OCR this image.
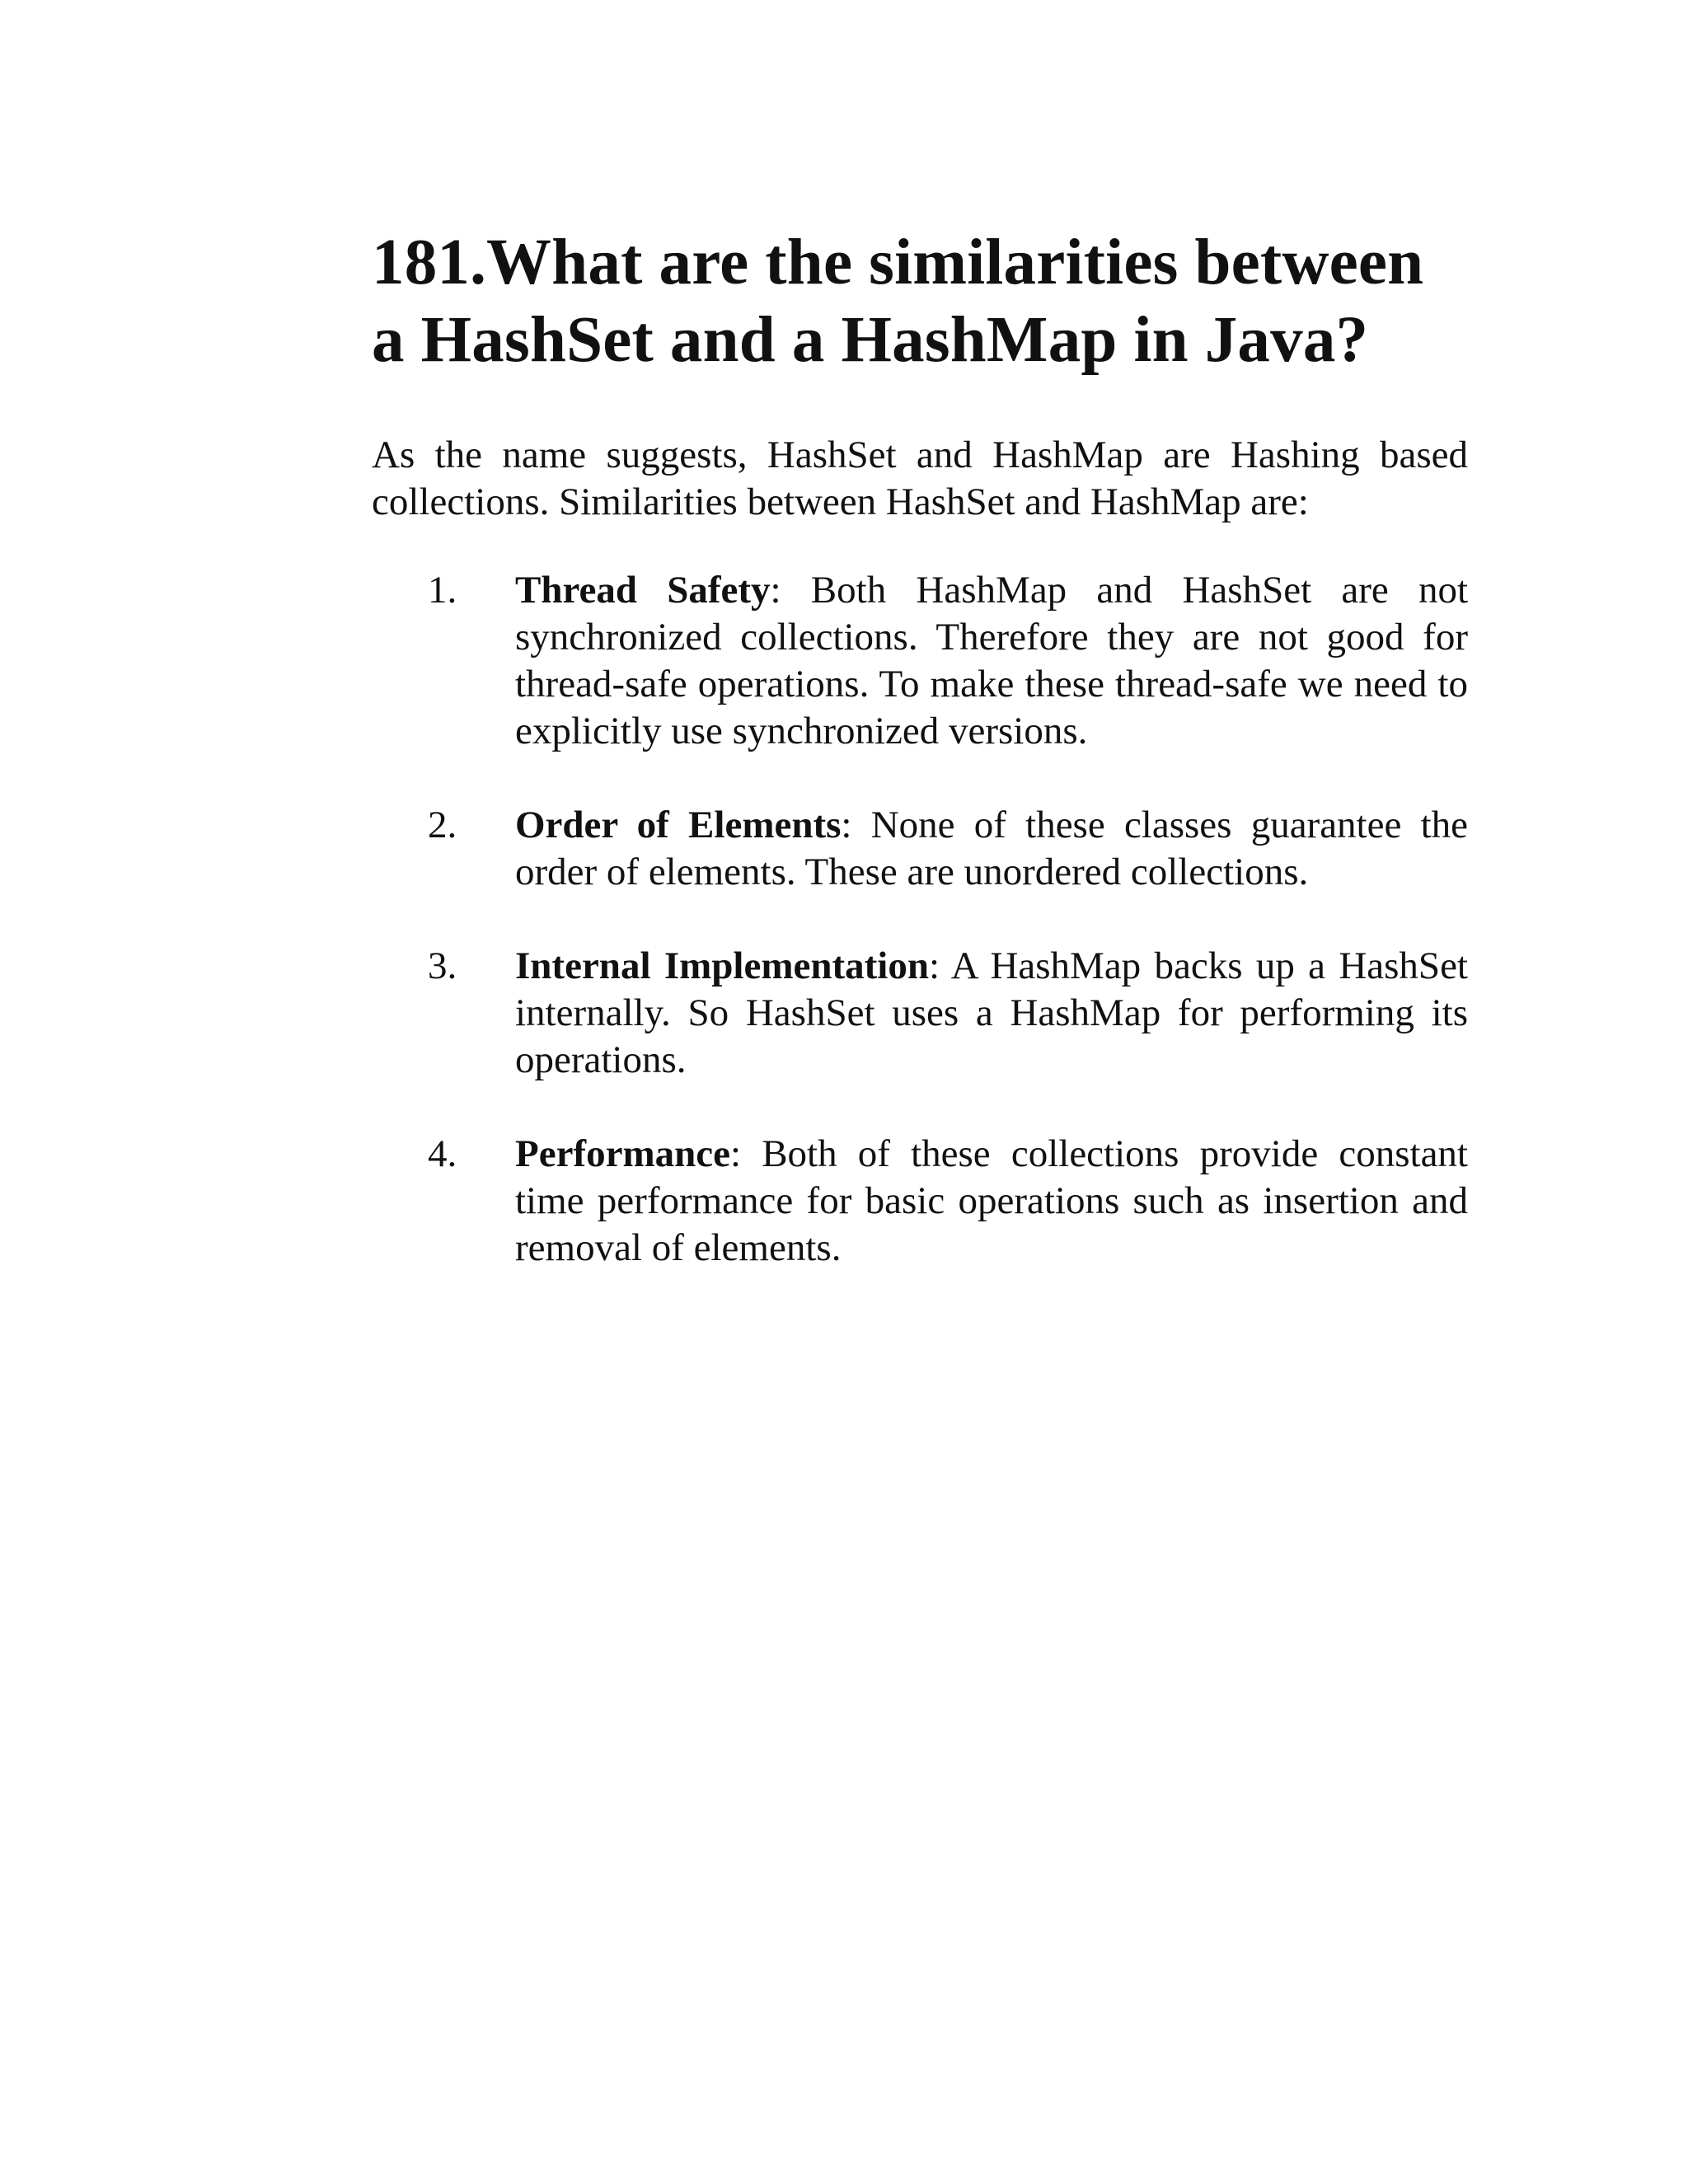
181.What are the similarities between a HashSet and a HashMap in Java?

As the name suggests, HashSet and HashMap are Hashing based collections. Similarities between HashSet and HashMap are:

1.	Thread Safety: Both HashMap and HashSet are not synchronized collections. Therefore they are not good for thread-safe operations. To make these thread-safe we need to explicitly use synchronized versions.
2.	Order of Elements: None of these classes guarantee the order of elements. These are unordered collections.
3.	Internal Implementation: A HashMap backs up a HashSet internally. So HashSet uses a HashMap for performing its operations.
4.	Performance: Both of these collections provide constant time performance for basic operations such as insertion and removal of elements.
